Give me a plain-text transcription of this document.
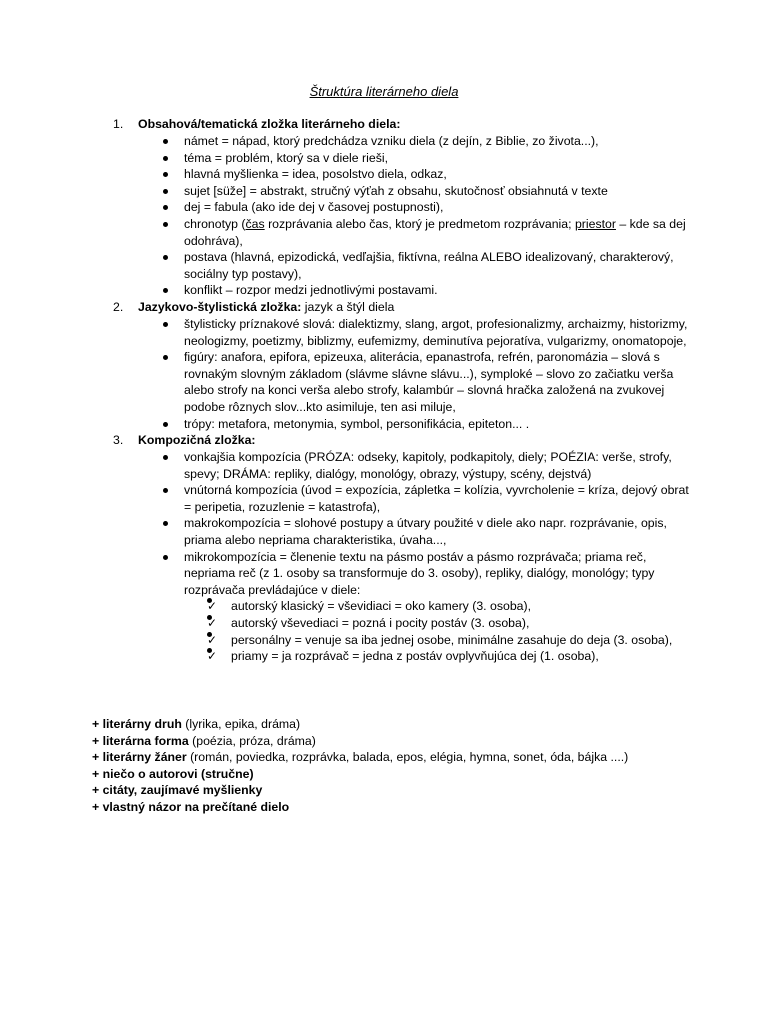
Štruktúra literárneho diela
1. Obsahová/tematická zložka literárneho diela:
námet = nápad, ktorý predchádza vzniku diela (z dejín, z Biblie, zo života...),
téma = problém, ktorý sa v diele rieši,
hlavná myšlienka = idea, posolstvo diela, odkaz,
sujet [süže] = abstrakt, stručný výťah z obsahu, skutočnosť obsiahnutá v texte
dej = fabula (ako ide dej v časovej postupnosti),
chronotyp (čas rozprávania alebo čas, ktorý je predmetom rozprávania; priestor – kde sa dej odohráva),
postava (hlavná, epizodická, vedľajšia, fiktívna, reálna ALEBO idealizovaný, charakterový, sociálny typ postavy),
konflikt – rozpor medzi jednotlivými postavami.
2. Jazykovo-štylistická zložka: jazyk a štýl diela
štylisticky príznakové slová: dialektizmy, slang, argot, profesionalizmy, archaizmy, historizmy, neologizmy, poetizmy, biblizmy, eufemizmy, deminutíva pejoratíva, vulgarizmy, onomatopoje,
figúry: anafora, epifora, epizeuxa, aliterácia, epanastrofa, refrén, paronomázia – slová s rovnakým slovným základom (slávme slávne slávu...), symploké – slovo zo začiatku verša alebo strofy na konci verša alebo strofy, kalambúr – slovná hračka založená na zvukovej podobe rôznych slov...kto asimiluje, ten asi miluje,
trópy: metafora, metonymia, symbol, personifikácia, epiteton... .
3. Kompozičná zložka:
vonkajšia kompozícia (PRÓZA: odseky, kapitoly, podkapitoly, diely; POÉZIA: verše, strofy, spevy; DRÁMA: repliky, dialógy, monológy, obrazy, výstupy, scény, dejstvá)
vnútorná kompozícia (úvod = expozícia, zápletka = kolízia, vyvrcholenie = kríza, dejový obrat = peripetia, rozuzlenie = katastrofa),
makrokompozícia = slohové postupy a útvary použité v diele ako napr. rozprávanie, opis, priama alebo nepriama charakteristika, úvaha...,
mikrokompozícia = členenie textu na pásmo postáv a pásmo rozprávača; priama reč, nepriama reč (z 1. osoby sa transformuje do 3. osoby), repliky, dialógy, monológy; typy rozprávača prevládajúce v diele:
✓ autorský klasický = vševidiaci = oko kamery (3. osoba),
✓ autorský vševediaci = pozná i pocity postáv (3. osoba),
✓ personálny = venuje sa iba jednej osobe, minimálne zasahuje do deja (3. osoba),
✓ priamy = ja rozprávač = jedna z postáv ovplyvňujúca dej (1. osoba),
+ literárny druh (lyrika, epika, dráma)
+ literárna forma (poézia, próza, dráma)
+ literárny žáner (román, poviedka, rozprávka, balada, epos, elégia, hymna, sonet, óda, bájka ....)
+ niečo o autorovi (stručne)
+ citáty, zaujímavé myšlienky
+ vlastný názor na prečítané dielo
